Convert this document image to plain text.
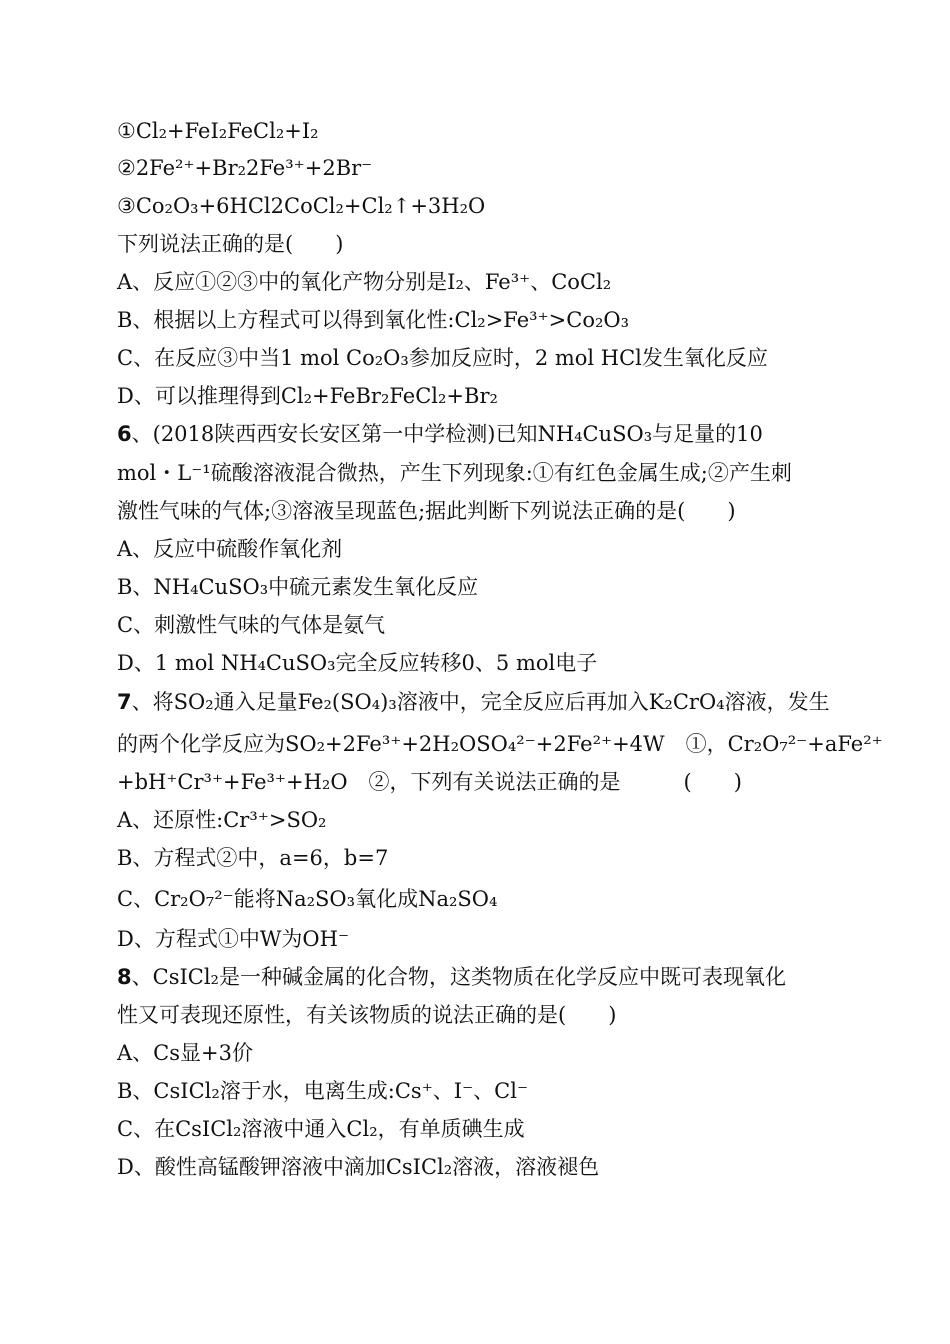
①Cl₂+FeI₂FeCl₂+I₂
②2Fe²⁺+Br₂2Fe³⁺+2Br⁻
③Co₂O₃+6HCl2CoCl₂+Cl₂↑+3H₂O
下列说法正确的是(　　)
A、反应①②③中的氧化产物分别是I₂、Fe³⁺、CoCl₂
B、根据以上方程式可以得到氧化性:Cl₂>Fe³⁺>Co₂O₃
C、在反应③中当1 mol Co₂O₃参加反应时，2 mol HCl发生氧化反应
D、可以推理得到Cl₂+FeBr₂FeCl₂+Br₂
6、(2018陕西西安长安区第一中学检测)已知NH₄CuSO₃与足量的10
mol・L⁻¹硫酸溶液混合微热，产生下列现象:①有红色金属生成;②产生刺
激性气味的气体;③溶液呈现蓝色;据此判断下列说法正确的是(　　)
A、反应中硫酸作氧化剂
B、NH₄CuSO₃中硫元素发生氧化反应
C、刺激性气味的气体是氨气
D、1 mol NH₄CuSO₃完全反应转移0、5 mol电子
7、将SO₂通入足量Fe₂(SO₄)₃溶液中，完全反应后再加入K₂CrO₄溶液，发生
的两个化学反应为SO₂+2Fe³⁺+2H₂OSO₄²⁻+2Fe²⁺+4W　①，Cr₂O₇²⁻+aFe²⁺
+bH⁺Cr³⁺+Fe³⁺+H₂O　②，下列有关说法正确的是　　　(　　)
A、还原性:Cr³⁺>SO₂
B、方程式②中，a=6，b=7
C、Cr₂O₇²⁻能将Na₂SO₃氧化成Na₂SO₄
D、方程式①中W为OH⁻
8、CsICl₂是一种碱金属的化合物，这类物质在化学反应中既可表现氧化
性又可表现还原性，有关该物质的说法正确的是(　　)
A、Cs显+3价
B、CsICl₂溶于水，电离生成:Cs⁺、I⁻、Cl⁻
C、在CsICl₂溶液中通入Cl₂，有单质碘生成
D、酸性高锰酸钾溶液中滴加CsICl₂溶液，溶液褪色
